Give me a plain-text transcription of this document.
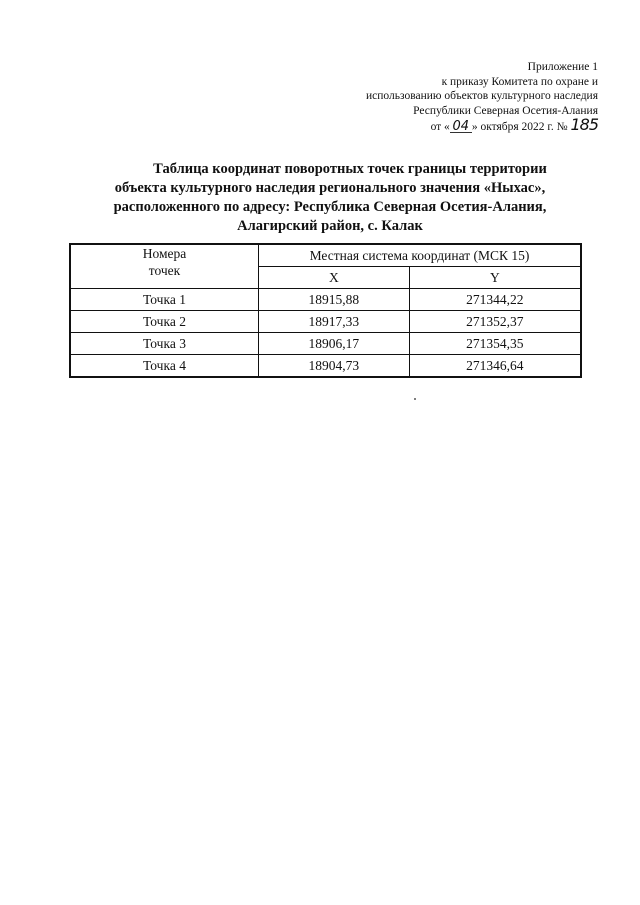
Приложение 1
к приказу Комитета по охране и
использованию объектов культурного наследия
Республики Северная Осетия-Алания
от « 04 » октября 2022 г. № 185
Таблица координат поворотных точек границы территории
объекта культурного наследия регионального значения «Ныхас»,
расположенного по адресу: Республика Северная Осетия-Алания,
Алагирский район, с. Калак
Номера
точек	Местная система координат (МСК 15)	
	X	Y
Точка 1	18915,88	271344,22
Точка 2	18917,33	271352,37
Точка 3	18906,17	271354,35
Точка 4	18904,73	271346,64
